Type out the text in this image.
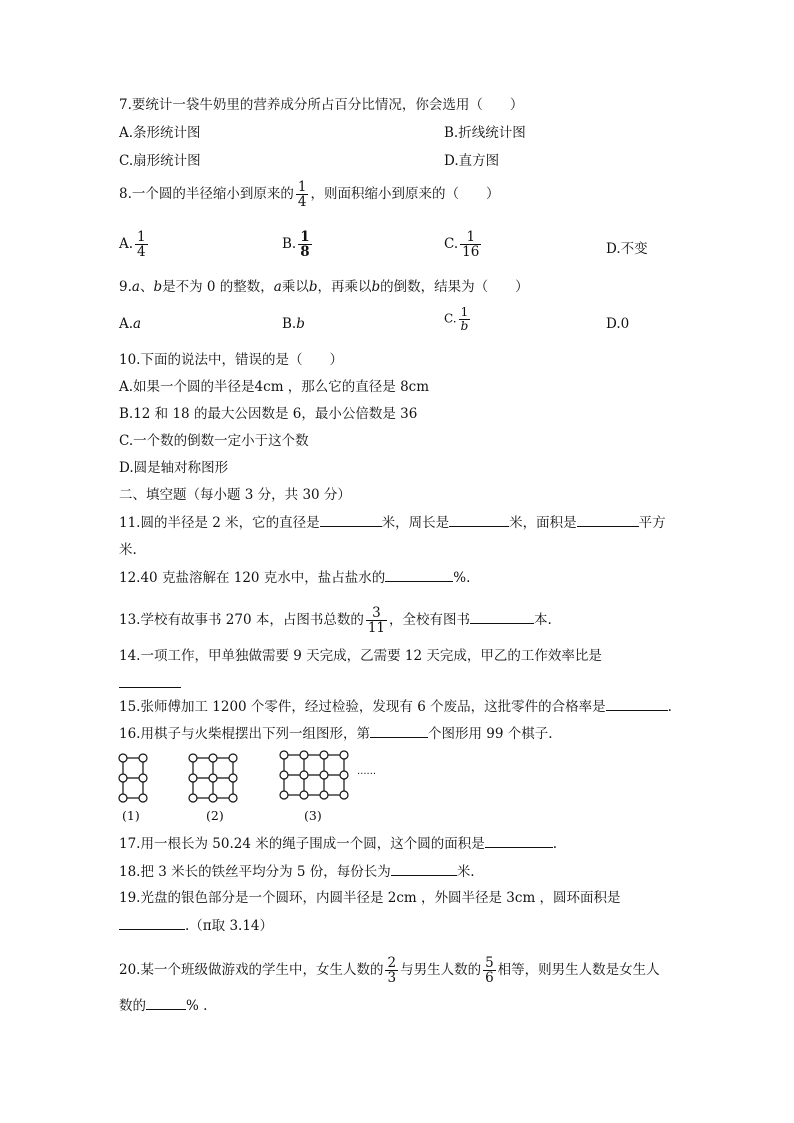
7.要统计一袋牛奶里的营养成分所占百分比情况，你会选用（　　）
A.条形统计图	B.折线统计图
C.扇形统计图	D.直方图
8.一个圆的半径缩小到原来的 $\frac{1}{4}$ ，则面积缩小到原来的（　　）
A. $\frac{1}{4}$	B. $\frac{1}{8}$	C. $\frac{1}{16}$	D.不变
9.a、b是不为 0 的整数，a乘以b，再乘以b的倒数，结果为（　　）
A.a	B.b	C. $\frac{1}{b}$	D.0
10.下面的说法中，错误的是（　　）
A.如果一个圆的半径是4cm ，那么它的直径是 8cm
B.12 和 18 的最大公因数是 6，最小公倍数是 36
C.一个数的倒数一定小于这个数
D.圆是轴对称图形
二、填空题（每小题 3 分，共 30 分）
11.圆的半径是 2 米，它的直径是	米，周长是	米，面积是	平方
米.
12.40 克盐溶解在 120 克水中，盐占盐水的	%.
13.学校有故事书 270 本，占图书总数的 $\frac{3}{11}$ ，全校有图书	本.
14.一项工作，甲单独做需要 9 天完成，乙需要 12 天完成，甲乙的工作效率比是
15.张师傅加工 1200 个零件，经过检验，发现有 6 个废品，这批零件的合格率是	.
16.用棋子与火柴棍摆出下列一组图形，第	个图形用 99 个棋子.
......
(1)	(2)	(3)
17.用一根长为 50.24 米的绳子围成一个圆，这个圆的面积是	.
18.把 3 米长的铁丝平均分为 5 份，每份长为	米.
19.光盘的银色部分是一个圆环，内圆半径是 2cm ，外圆半径是 3cm ，圆环面积是
.（π取 3.14）
20.某一个班级做游戏的学生中，女生人数的 $\frac{2}{3}$ 与男生人数的 $\frac{5}{6}$ 相等，则男生人数是女生人
数的	% .
